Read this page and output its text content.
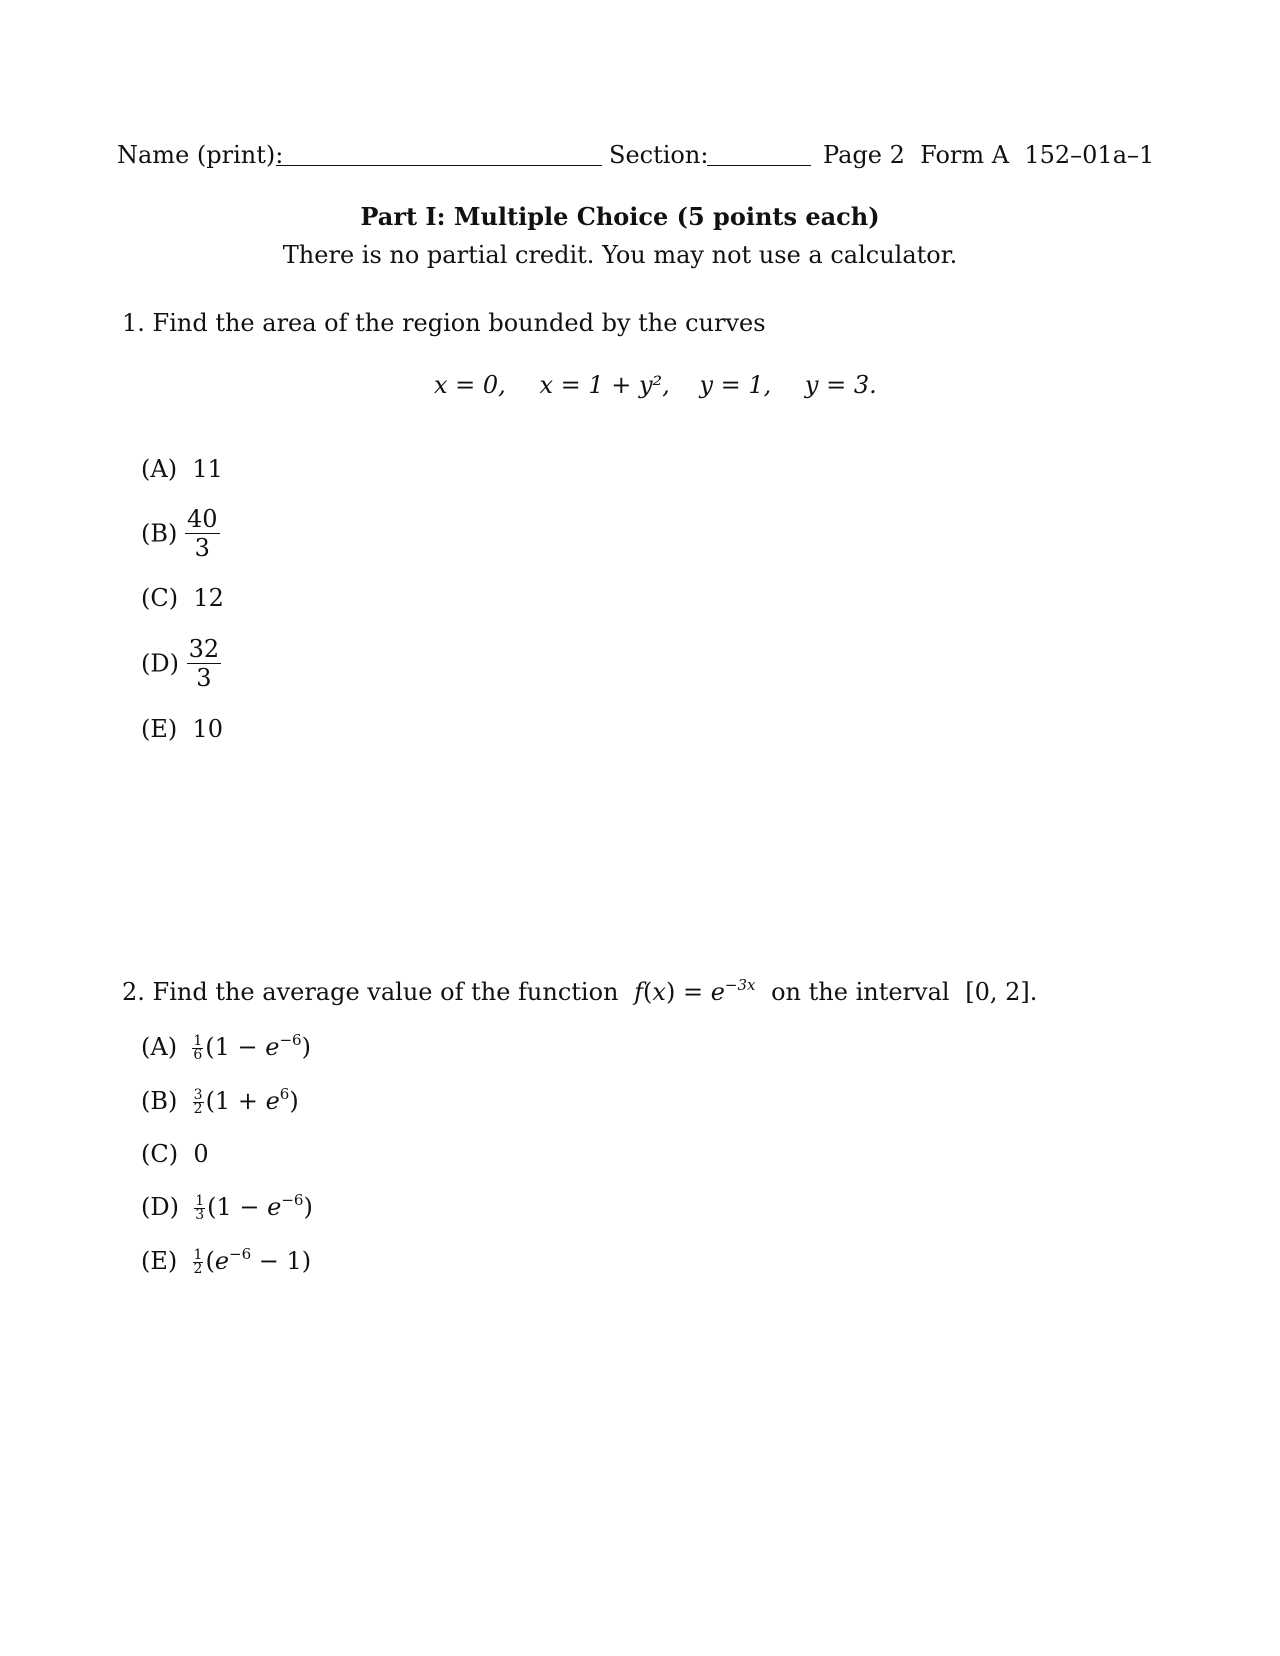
Name (print):	Section:	Page 2  Form A  152–01a–1
Part I: Multiple Choice (5 points each)
There is no partial credit. You may not use a calculator.
1. Find the area of the region bounded by the curves
x = 0, x = 1 + y², y = 1, y = 3.
(A) 11
$(B) \frac{40}{3}$
(C) 12
$(D) \frac{32}{3}$
(E) 10
2. Find the average value of the function $f(x) = e^{-3x}$ on the interval [0, 2].
$(A) \frac{1}{6} (1 - e^{-6})$
$(B) \frac{3}{2} (1 + e^6)$
(C) 0
$(D) \frac{1}{3} (1 - e^{-6})$
$(E) \frac{1}{2} (e^{-6} - 1)$
